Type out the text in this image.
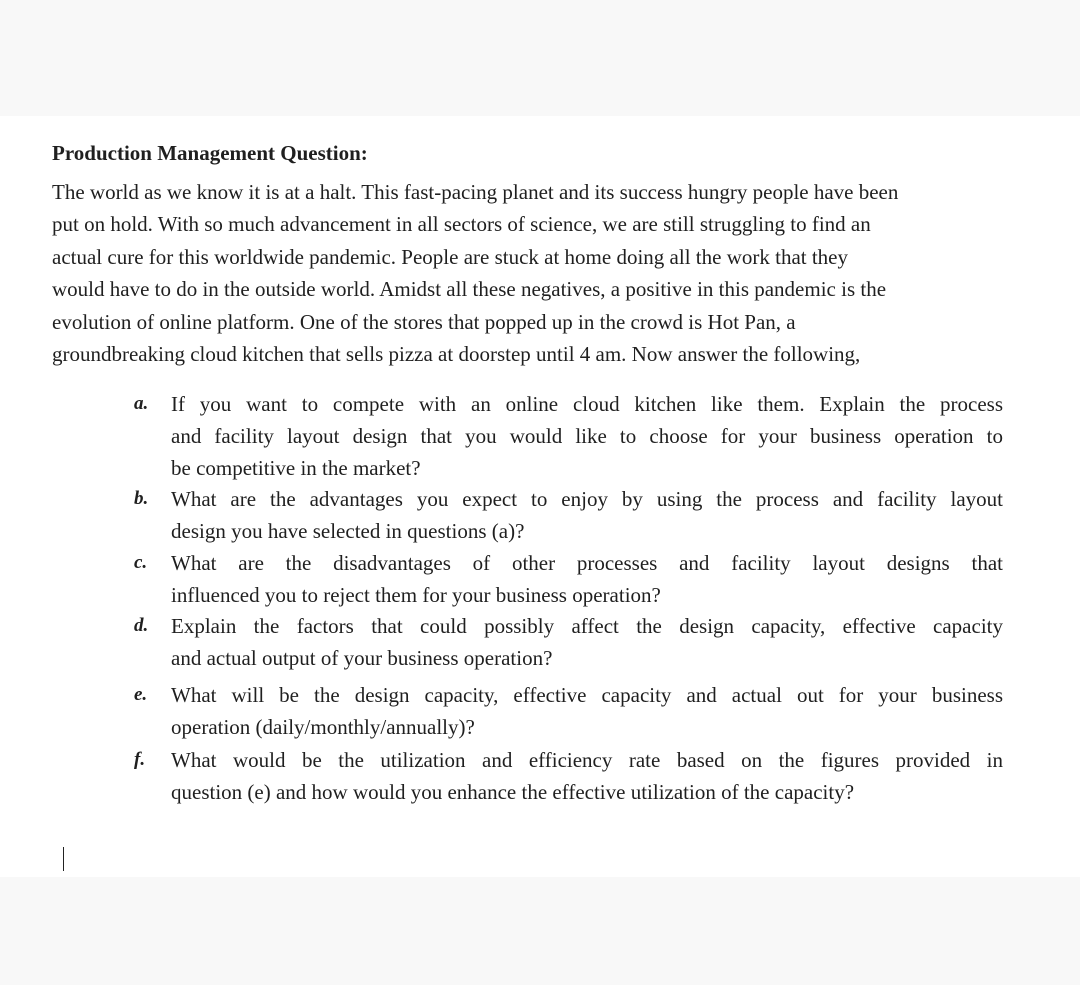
Production Management Question:
The world as we know it is at a halt. This fast-pacing planet and its success hungry people have been
put on hold. With so much advancement in all sectors of science, we are still struggling to find an
actual cure for this worldwide pandemic. People are stuck at home doing all the work that they
would have to do in the outside world. Amidst all these negatives, a positive in this pandemic is the
evolution of online platform. One of the stores that popped up in the crowd is Hot Pan, a
groundbreaking cloud kitchen that sells pizza at doorstep until 4 am. Now answer the following,
a. If you want to compete with an online cloud kitchen like them. Explain the process
and facility layout design that you would like to choose for your business operation to
be competitive in the market?
b. What are the advantages you expect to enjoy by using the process and facility layout
design you have selected in questions (a)?
c. What are the disadvantages of other processes and facility layout designs that
influenced you to reject them for your business operation?
d. Explain the factors that could possibly affect the design capacity, effective capacity
and actual output of your business operation?
e. What will be the design capacity, effective capacity and actual out for your business
operation (daily/monthly/annually)?
f. What would be the utilization and efficiency rate based on the figures provided in
question (e) and how would you enhance the effective utilization of the capacity?
